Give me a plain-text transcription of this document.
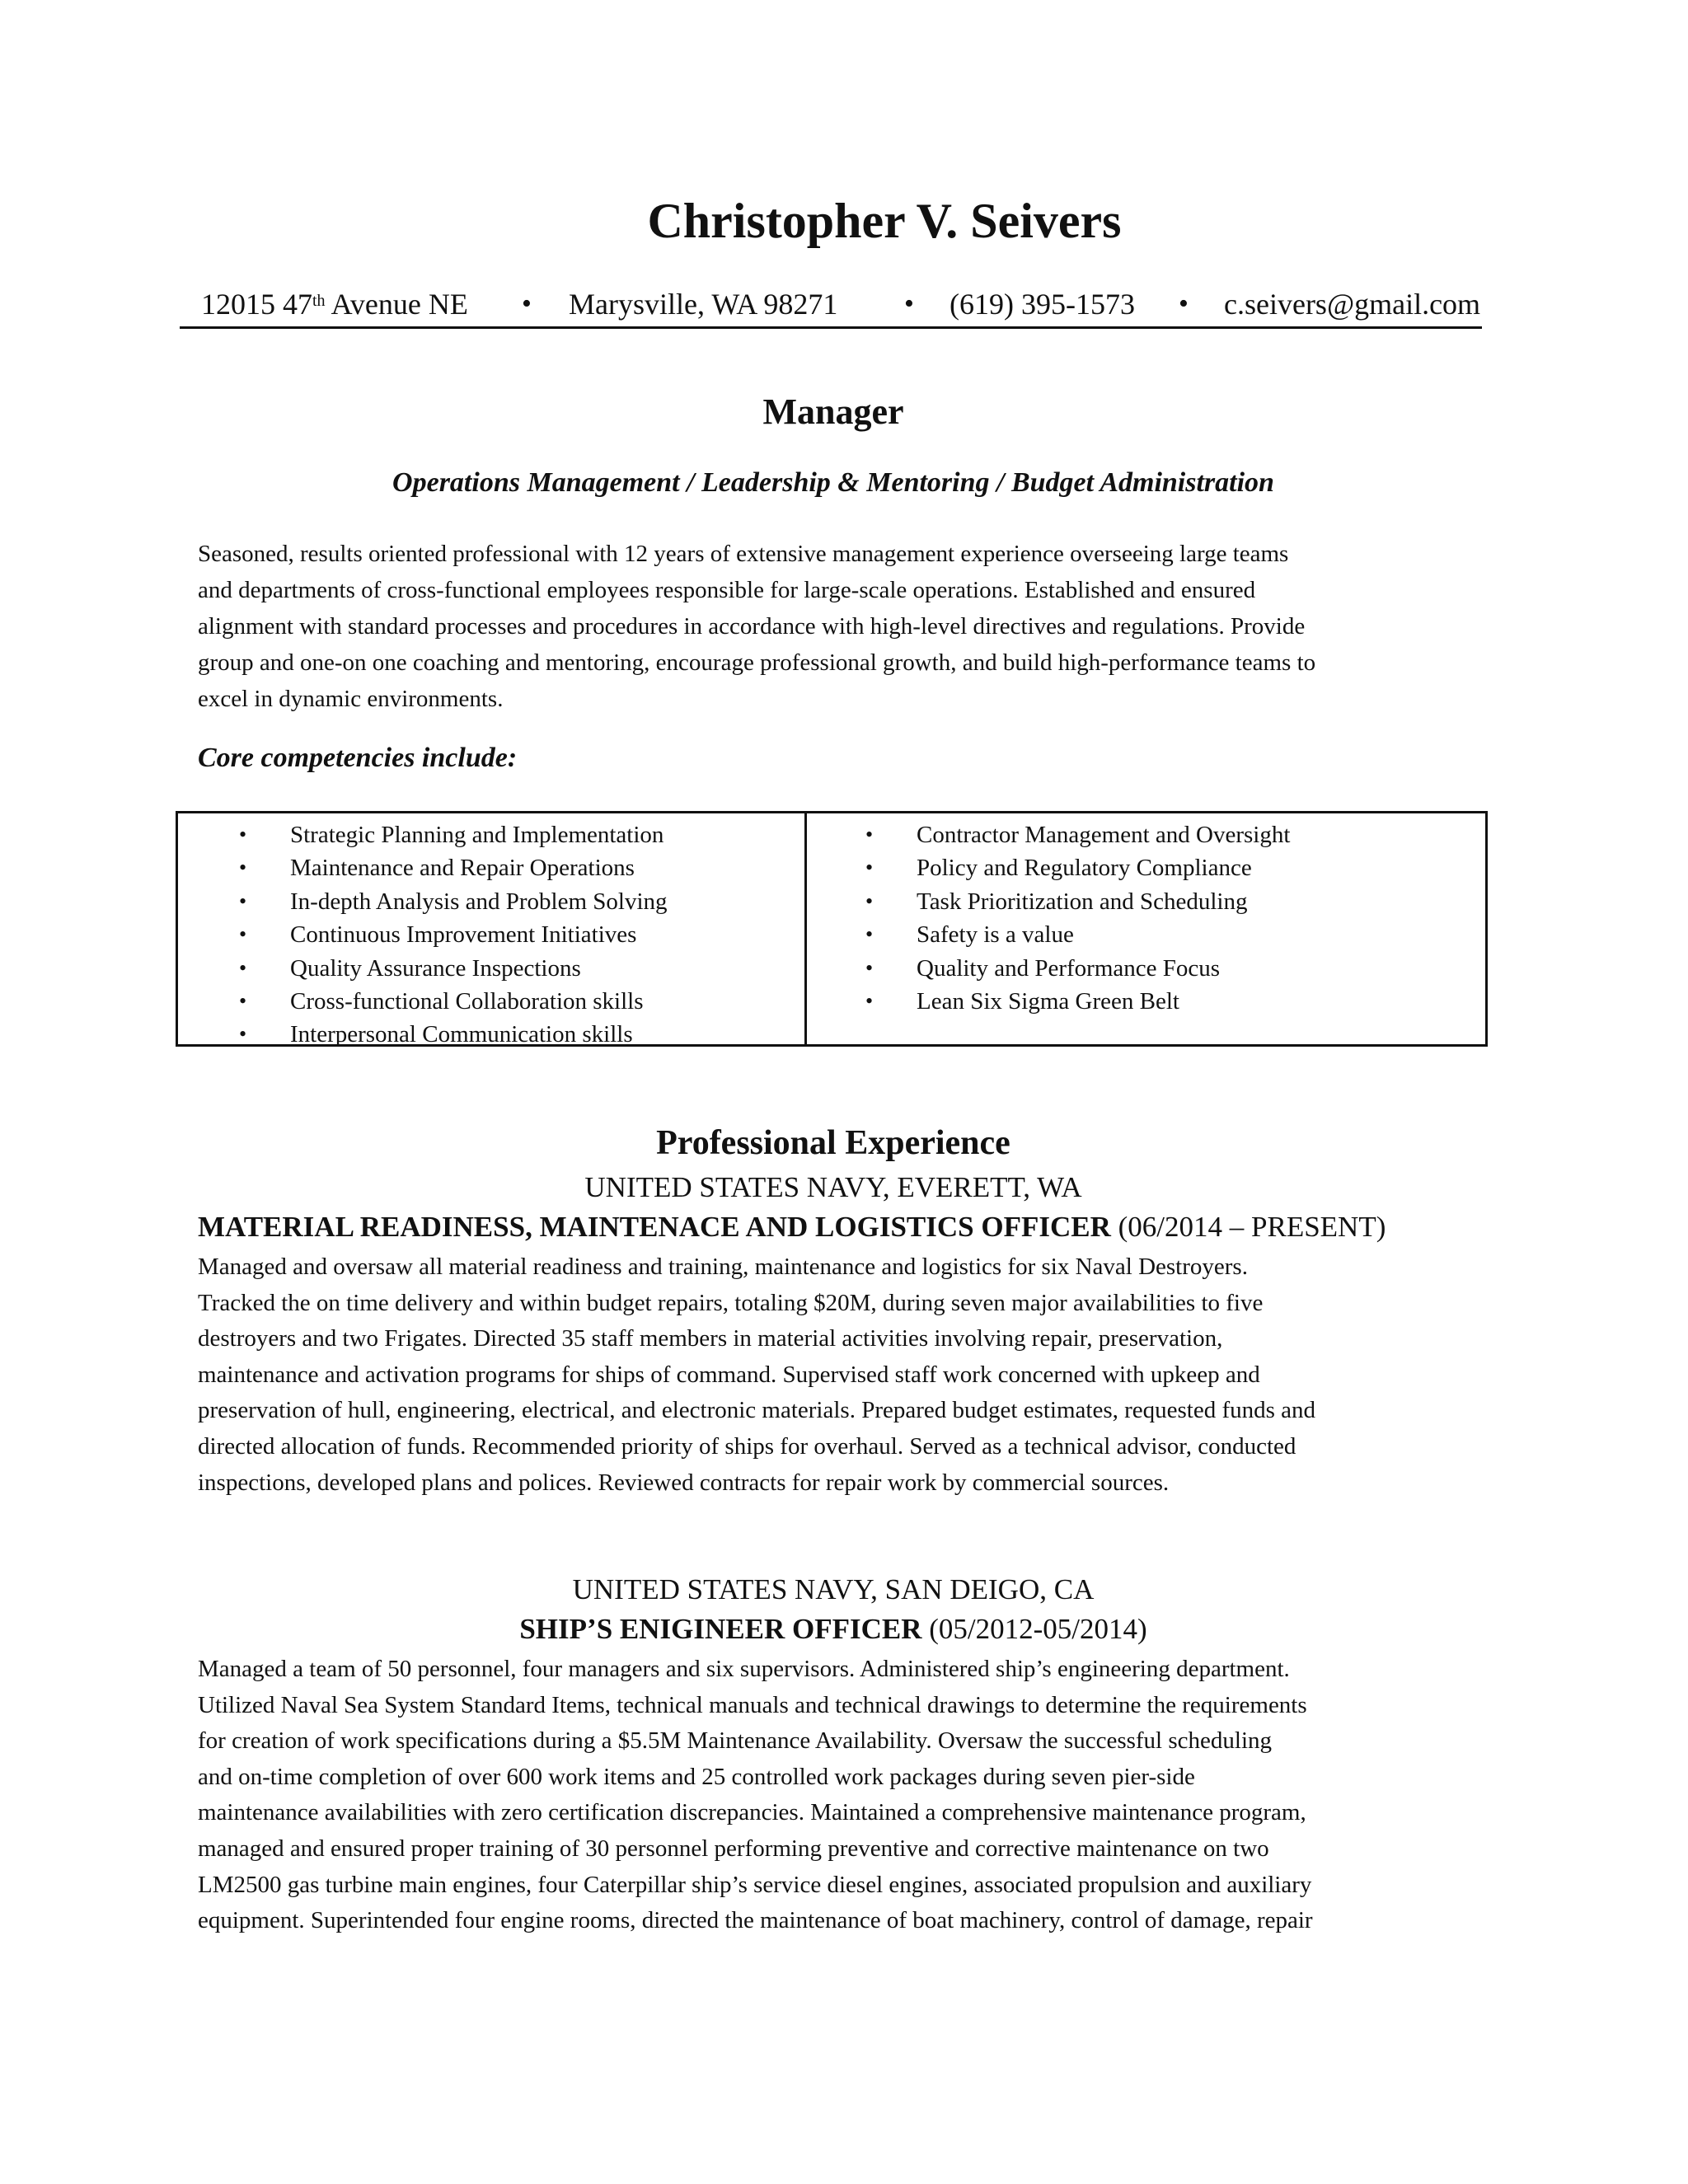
Christopher V. Seivers
12015 47th Avenue NE • Marysville, WA 98271 • (619) 395-1573 • c.seivers@gmail.com
Manager
Operations Management / Leadership & Mentoring / Budget Administration
Seasoned, results oriented professional with 12 years of extensive management experience overseeing large teams
and departments of cross-functional employees responsible for large-scale operations. Established and ensured
alignment with standard processes and procedures in accordance with high-level directives and regulations. Provide
group and one-on one coaching and mentoring, encourage professional growth, and build high-performance teams to
excel in dynamic environments.
Core competencies include:
• Strategic Planning and Implementation
• Maintenance and Repair Operations
• In-depth Analysis and Problem Solving
• Continuous Improvement Initiatives
• Quality Assurance Inspections
• Cross-functional Collaboration skills
• Interpersonal Communication skills
• Contractor Management and Oversight
• Policy and Regulatory Compliance
• Task Prioritization and Scheduling
• Safety is a value
• Quality and Performance Focus
• Lean Six Sigma Green Belt
Professional Experience
UNITED STATES NAVY, EVERETT, WA
MATERIAL READINESS, MAINTENACE AND LOGISTICS OFFICER (06/2014 – PRESENT)
Managed and oversaw all material readiness and training, maintenance and logistics for six Naval Destroyers.
Tracked the on time delivery and within budget repairs, totaling $20M, during seven major availabilities to five
destroyers and two Frigates. Directed 35 staff members in material activities involving repair, preservation,
maintenance and activation programs for ships of command. Supervised staff work concerned with upkeep and
preservation of hull, engineering, electrical, and electronic materials. Prepared budget estimates, requested funds and
directed allocation of funds. Recommended priority of ships for overhaul. Served as a technical advisor, conducted
inspections, developed plans and polices. Reviewed contracts for repair work by commercial sources.
UNITED STATES NAVY, SAN DEIGO, CA
SHIP’S ENIGINEER OFFICER (05/2012-05/2014)
Managed a team of 50 personnel, four managers and six supervisors. Administered ship’s engineering department.
Utilized Naval Sea System Standard Items, technical manuals and technical drawings to determine the requirements
for creation of work specifications during a $5.5M Maintenance Availability. Oversaw the successful scheduling
and on-time completion of over 600 work items and 25 controlled work packages during seven pier-side
maintenance availabilities with zero certification discrepancies. Maintained a comprehensive maintenance program,
managed and ensured proper training of 30 personnel performing preventive and corrective maintenance on two
LM2500 gas turbine main engines, four Caterpillar ship’s service diesel engines, associated propulsion and auxiliary
equipment. Superintended four engine rooms, directed the maintenance of boat machinery, control of damage, repair
